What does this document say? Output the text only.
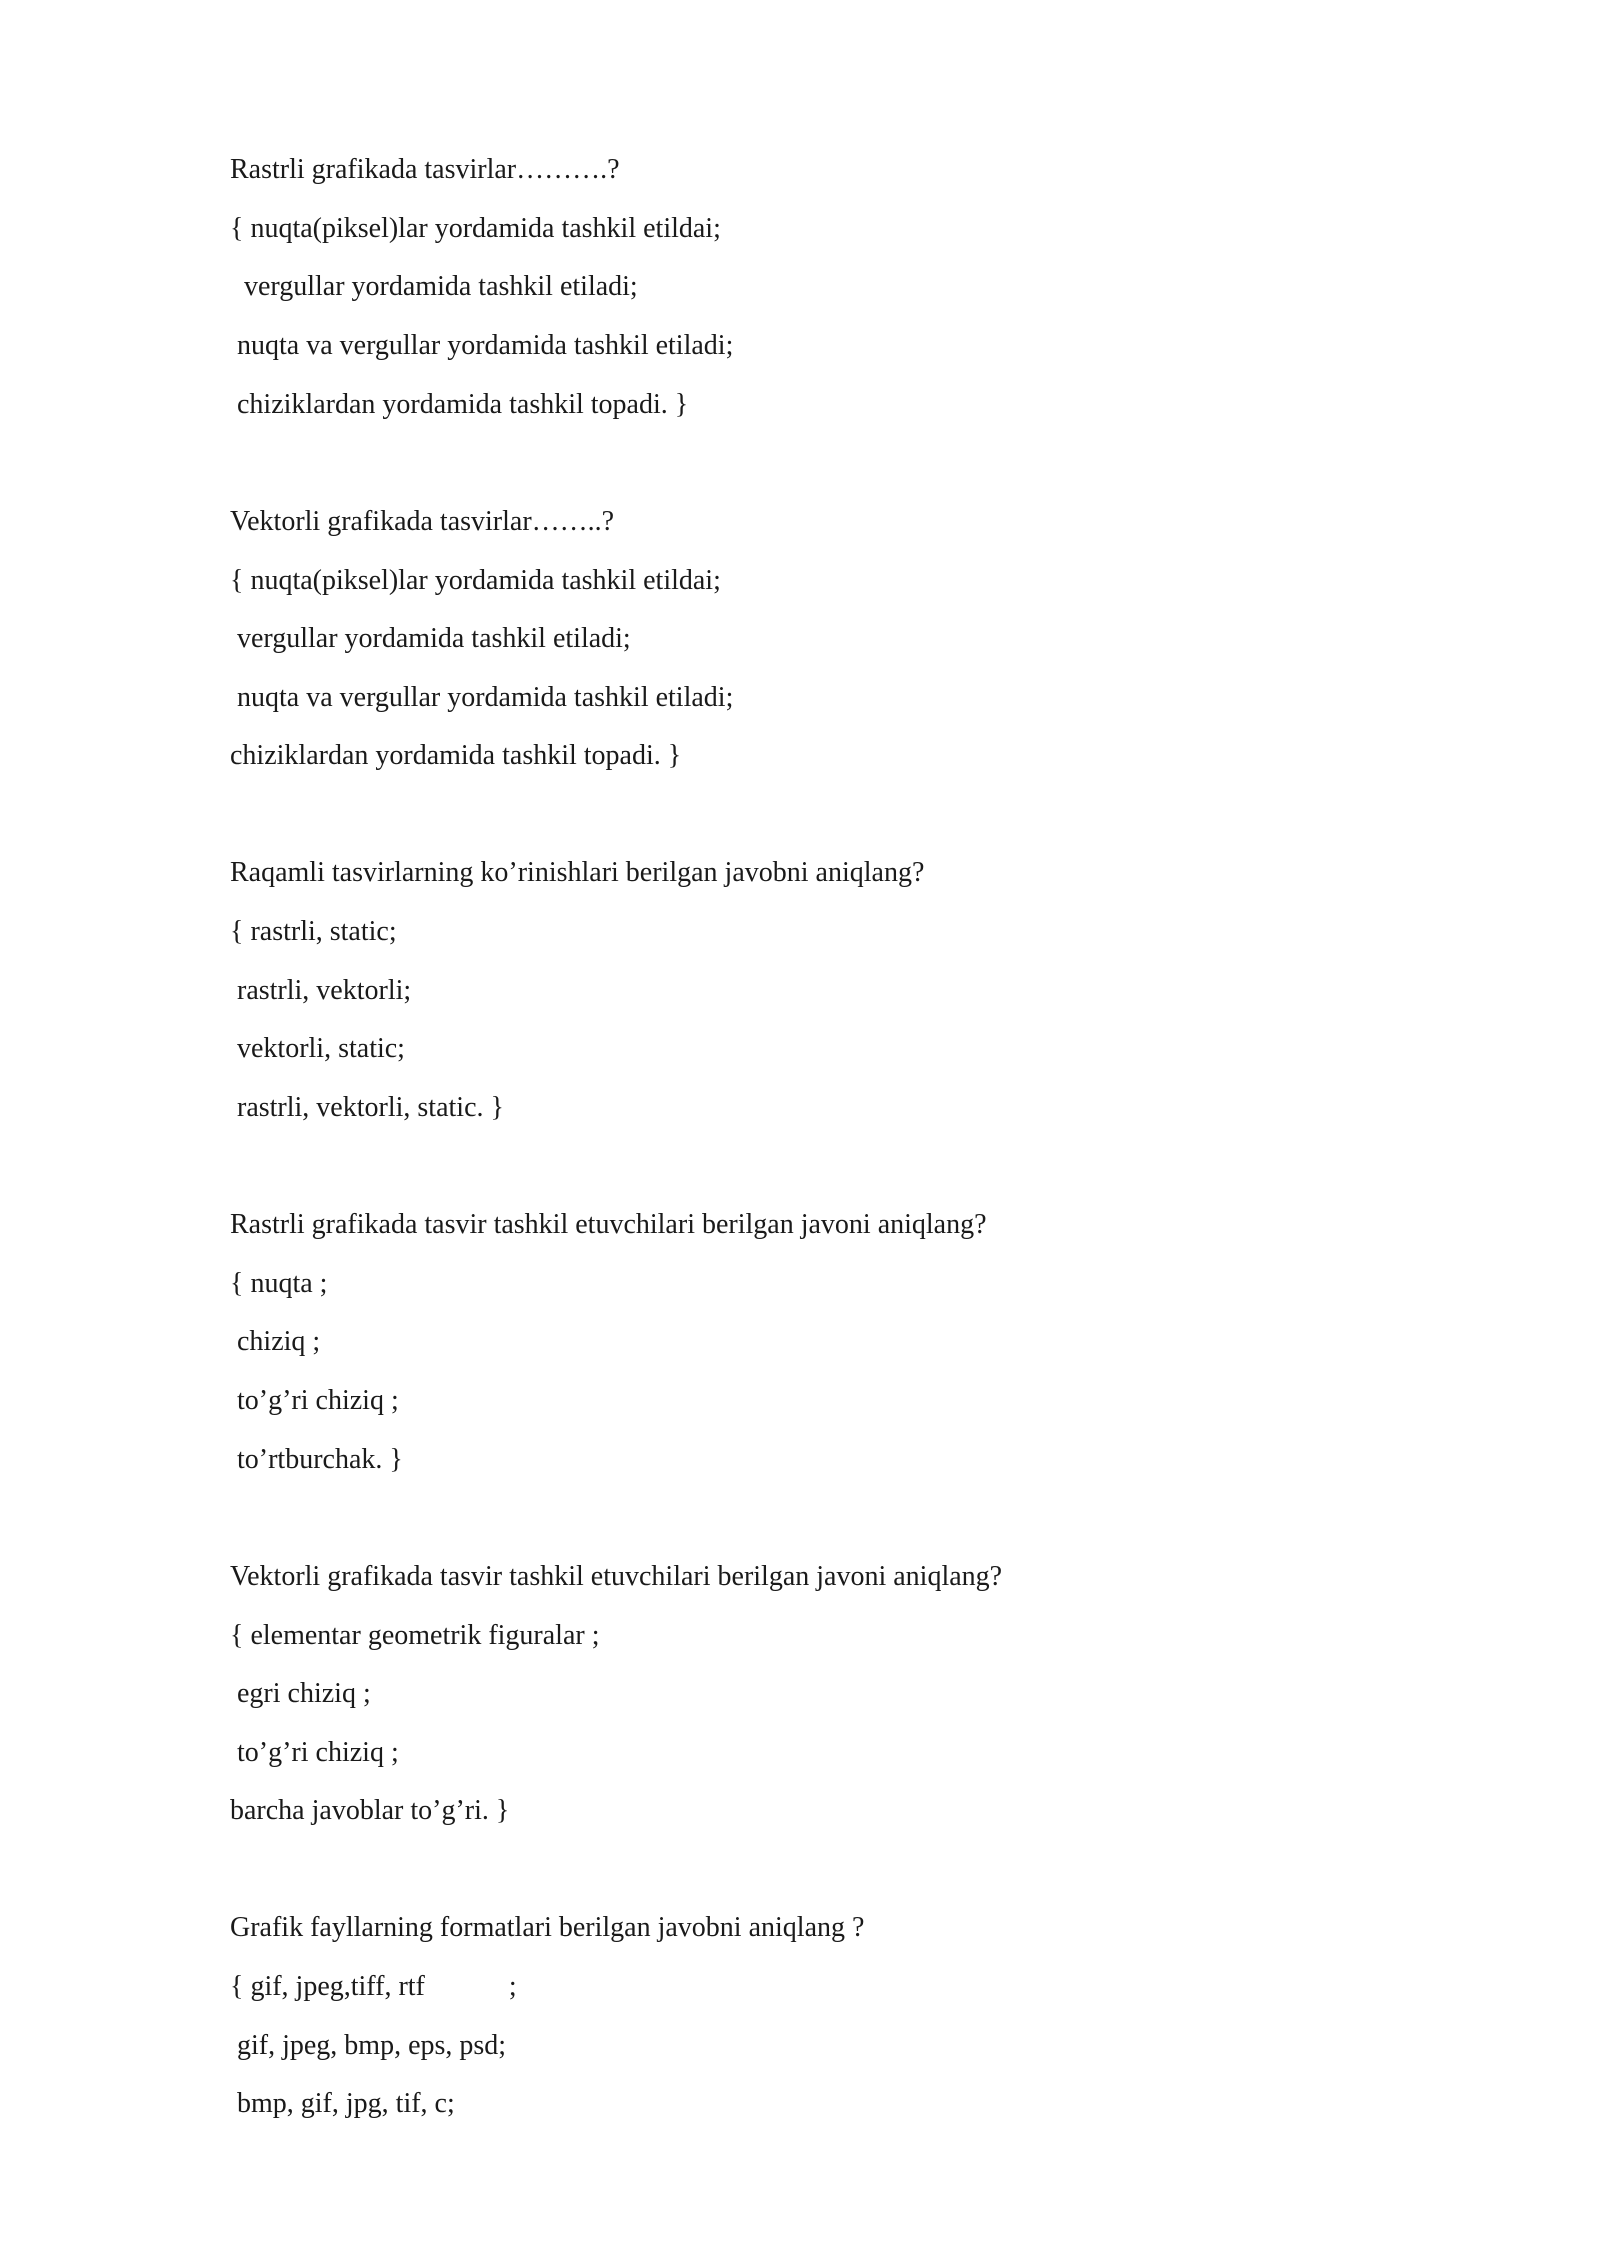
Rastrli grafikada tasvirlar……….?
{ nuqta(piksel)lar yordamida tashkil etildai;
vergullar yordamida tashkil etiladi;
nuqta va vergullar yordamida tashkil etiladi;
chiziklardan yordamida tashkil topadi. }
Vektorli grafikada tasvirlar……..?
{ nuqta(piksel)lar yordamida tashkil etildai;
vergullar yordamida tashkil etiladi;
nuqta va vergullar yordamida tashkil etiladi;
chiziklardan yordamida tashkil topadi. }
Raqamli tasvirlarning ko’rinishlari berilgan javobni aniqlang?
{ rastrli, static;
rastrli, vektorli;
vektorli, static;
rastrli, vektorli, static. }
Rastrli grafikada tasvir tashkil etuvchilari berilgan javoni aniqlang?
{ nuqta ;
chiziq ;
to’g’ri chiziq ;
to’rtburchak. }
Vektorli grafikada tasvir tashkil etuvchilari berilgan javoni aniqlang?
{ elementar geometrik figuralar ;
egri chiziq ;
to’g’ri chiziq ;
barcha javoblar to’g’ri. }
Grafik fayllarning formatlari berilgan javobni aniqlang ?
{ gif, jpeg,tiff, rtf            ;
gif, jpeg, bmp, eps, psd;
bmp, gif, jpg, tif, c;
